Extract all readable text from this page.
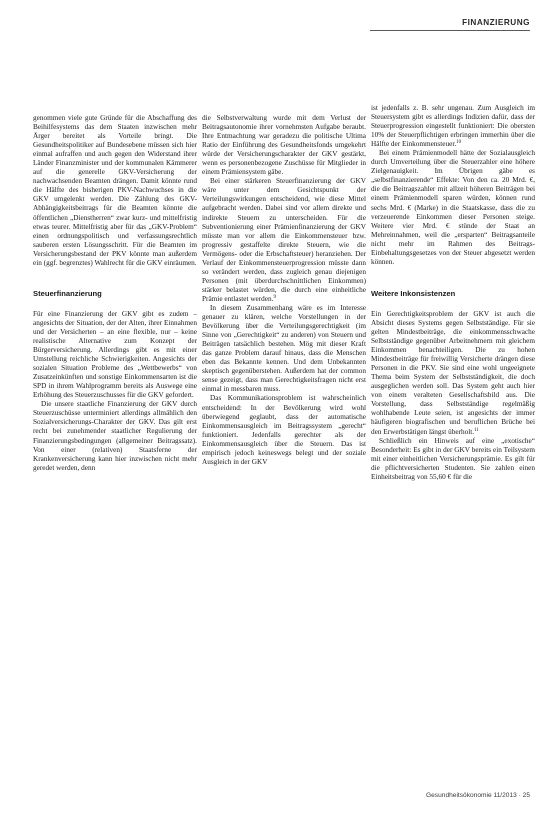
FINANZIERUNG

genommen viele gute Gründe für die Abschaffung des Beihilfesystems das dem Staaten inzwischen mehr Ärger bereitet als Vorteile bringt. Die Gesundheitspolitiker auf Bundesebene müssen sich hier einmal aufraffen und auch gegen den Widerstand ihrer Länder Finanzminister und der kommunalen Kämmerer auf die generelle GKV-Versicherung der nachwachsenden Beamten drängen. Damit könnte rund die Hälfte des bisherigen PKV-Nachwuchses in die GKV umgelenkt werden. Die Zählung des GKV-Abhängigkeitsbeitrags für die Beamten könnte die öffentlichen „Dienstherren“ zwar kurz- und mittelfristig etwas teurer. Mittelfristig aber für das „GKV-Problem“ einen ordnungspolitisch und verfassungsrechtlich sauberen ersten Lösungsschritt. Für die Beamten im Versicherungsbestand der PKV könnte man außerdem ein (ggf. begrenztes) Wahlrecht für die GKV einräumen.

Steuerfinanzierung

Für eine Finanzierung der GKV gibt es zudem – angesichts der Situation, der der Alten, ihrer Einnahmen und der Versicherten – an eine flexible, nur – keine realistische Alternative zum Konzept der Bürgerversicherung. Allerdings gibt es mit einer Umstellung reichliche Schwierigkeiten. Angesichts der sozialen Situation Probleme des „Wettbewerbs“ von Zusatzeinkünften und sonstige Einkommensarten ist die SPD in ihrem Wahlprogramm bereits als Auswege eine Erhöhung des Steuerzuschusses für die GKV gefordert.

Die unsere staatliche Finanzierung der GKV durch Steuerzuschüsse unterminiert allerdings allmählich den Sozialversicherungs-Charakter der GKV. Das gilt erst recht bei zunehmender staatlicher Regulierung der Finanzierungsbedingungen (allgemeiner Beitragssatz). Von einer (relativen) Staatsferne der Krankenversicherung kann hier inzwischen nicht mehr geredet werden, denn

die Selbstverwaltung wurde mit dem Verlust der Beitragsautonomie ihrer vornehmsten Aufgabe beraubt. Ihre Entmachtung war geradezu die politische Ultima Ratio der Einführung des Gesundheitsfonds umgekehrt würde der Versicherungscharakter der GKV gestärkt, wenn es personenbezogene Zuschüsse für Mitglieder in einem Prämiensystem gäbe.

Bei einer stärkeren Steuerfinanzierung der GKV wäre unter dem Gesichtspunkt der Verteilungswirkungen entscheidend, wie diese Mittel aufgebracht werden. Dabei sind vor allem direkte und indirekte Steuern zu unterscheiden. Für die Subventionierung einer Prämienfinanzierung der GKV müsste man vor allem die Einkommensteuer bzw. progressiv gestaffelte direkte Steuern, wie die Vermögens- oder die Erbschaftsteuer) heranziehen. Der Verlauf der Einkommensteuerprogression müsste dann so verändert werden, dass zugleich genau diejenigen Personen (mit überdurchschnittlichen Einkommen) stärker belastet würden, die durch eine einheitliche Prämie entlastet werden.$^9$

In diesem Zusammenhang wäre es im Interesse genauer zu klären, welche Vorstellungen in der Bevölkerung über die Verteilungsgerechtigkeit (im Sinne von „Gerechtigkeit“ zu anderen) von Steuern und Beiträgen tatsächlich bestehen. Mög mit dieser Kraft das ganze Problem darauf hinaus, dass die Menschen eben das Bekannte kennen. Und dem Unbekannten skeptisch gegenüberstehen. Außerdem hat der common sense gezeigt, dass man Gerechtigkeitsfragen nicht erst einmal in messbaren muss.

Das Kommunikationsproblem ist wahrscheinlich entscheidend: In der Bevölkerung wird wohl überwiegend geglaubt, dass der automatische Einkommensausgleich im Beitragssystem „gerecht“ funktioniert. Jedenfalls gerechter als der Einkommensausgleich über die Steuern. Das ist empirisch jedoch keineswegs belegt und der soziale Ausgleich in der GKV

ist jedenfalls z. B. sehr ungenau. Zum Ausgleich im Steuersystem gibt es allerdings Indizien dafür, dass der Steuerprogression eingestellt funktioniert: Die obersten 10% der Steuerpflichtigen erbringen immerhin über die Hälfte der Einkommensteuer.$^{10}$

Bei einem Prämienmodell hätte der Sozialausgleich durch Umverteilung über die Steuerzahler eine höhere Zielgenauigkeit. Im Übrigen gäbe es „selbstfinanzierende“ Effekte: Von den ca. 20 Mrd. €, die die Beitragszahler mit allzeit höheren Beiträgen bei einem Prämienmodell sparen würden, können rund sechs Mrd. € (Marke) in die Staatskasse, dass die zu verzeuerende Einkommen dieser Personen steige. Weitere vier Mrd. € stünde der Staat an Mehreinnahmen, weil die „ersparten“ Beitragsanteile nicht mehr im Rahmen des Beitrags-Einbehaltungsgesetzes von der Steuer abgesetzt werden können.

Weitere Inkonsistenzen

Ein Gerechtigkeitsproblem der GKV ist auch die Absicht dieses Systems gegen Selbstständige. Für sie gelten Mindestbeiträge, die einkommensschwache Selbstständige gegenüber Arbeitnehmern mit gleichem Einkommen benachteiligen. Die zu hohen Mindestbeiträge für freiwillig Versicherte drängen diese Personen in die PKV. Sie sind eine wohl ungeeignete Thema beim System der Selbstständigkeit, die doch ausgeglichen werden soll. Das System geht auch hier von einem veralteten Gesellschaftsbild aus. Die Vorstellung, dass Selbstständige regelmäßig wohlhabende Leute seien, ist angesichts der immer häufigeren biografischen und beruflichen Brüche bei den Erwerbstätigen längst überholt.$^{11}$

Schließlich ein Hinweis auf eine „exotische“ Besonderheit: Es gibt in der GKV bereits ein Teilsystem mit einer einheitlichen Versicherungsprämie. Es gilt für die pflichtversicherten Studenten. Sie zahlen einen Einheitsbeitrag von 55,60 € für die

Gesundheitsökonomie 11/2013 · 25
